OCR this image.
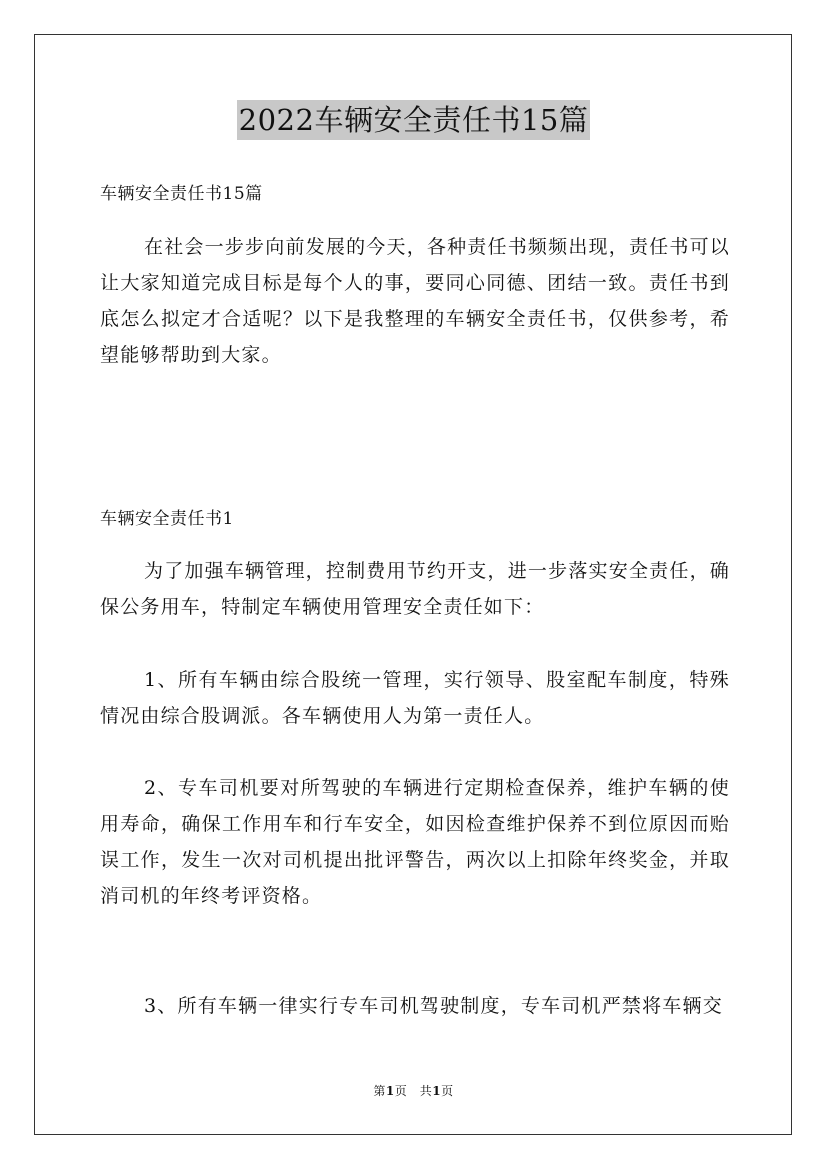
2022车辆安全责任书15篇
车辆安全责任书15篇

在社会一步步向前发展的今天，各种责任书频频出现，责任书可以让大家知道完成目标是每个人的事，要同心同德、团结一致。责任书到底怎么拟定才合适呢？以下是我整理的车辆安全责任书，仅供参考，希望能够帮助到大家。

车辆安全责任书1

为了加强车辆管理，控制费用节约开支，进一步落实安全责任，确保公务用车，特制定车辆使用管理安全责任如下：

1、所有车辆由综合股统一管理，实行领导、股室配车制度，特殊情况由综合股调派。各车辆使用人为第一责任人。

2、专车司机要对所驾驶的车辆进行定期检查保养，维护车辆的使用寿命，确保工作用车和行车安全，如因检查维护保养不到位原因而贻误工作，发生一次对司机提出批评警告，两次以上扣除年终奖金，并取消司机的年终考评资格。

3、所有车辆一律实行专车司机驾驶制度，专车司机严禁将车辆交

第1页　共1页
